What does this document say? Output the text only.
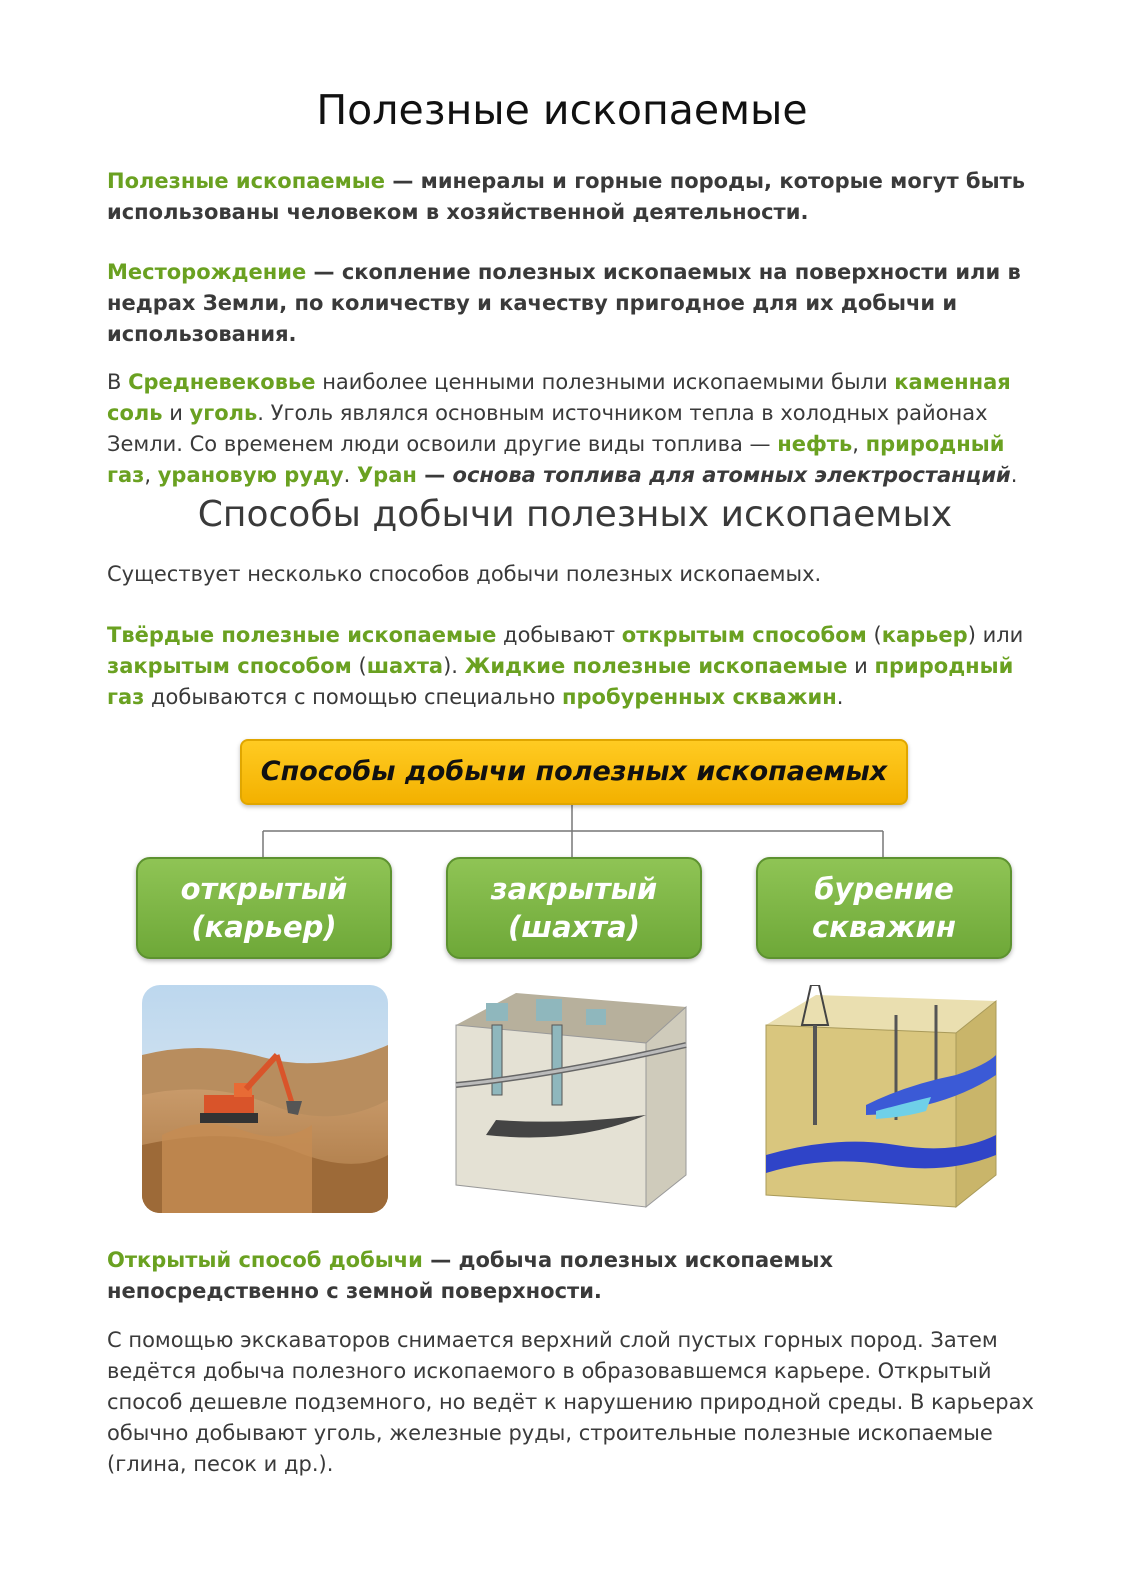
Полезные ископаемые
Полезные ископаемые — минералы и горные породы, которые могут быть использованы человеком в хозяйственной деятельности.
Месторождение — скопление полезных ископаемых на поверхности или в недрах Земли, по количеству и качеству пригодное для их добычи и использования.
В Средневековье наиболее ценными полезными ископаемыми были каменная соль и уголь. Уголь являлся основным источником тепла в холодных районах Земли. Со временем люди освоили другие виды топлива — нефть, природный газ, урановую руду. Уран — основа топлива для атомных электростанций.
Способы добычи полезных ископаемых
Существует несколько способов добычи полезных ископаемых.
Твёрдые полезные ископаемые добывают открытым способом (карьер) или закрытым способом (шахта). Жидкие полезные ископаемые и природный газ добываются с помощью специально пробуренных скважин.
Способы добычи полезных ископаемых
открытый
(карьер)
закрытый
(шахта)
бурение
скважин
Открытый способ добычи — добыча полезных ископаемых непосредственно с земной поверхности.
С помощью экскаваторов снимается верхний слой пустых горных пород. Затем ведётся добыча полезного ископаемого в образовавшемся карьере. Открытый способ дешевле подземного, но ведёт к нарушению природной среды. В карьерах обычно добывают уголь, железные руды, строительные полезные ископаемые (глина, песок и др.).
